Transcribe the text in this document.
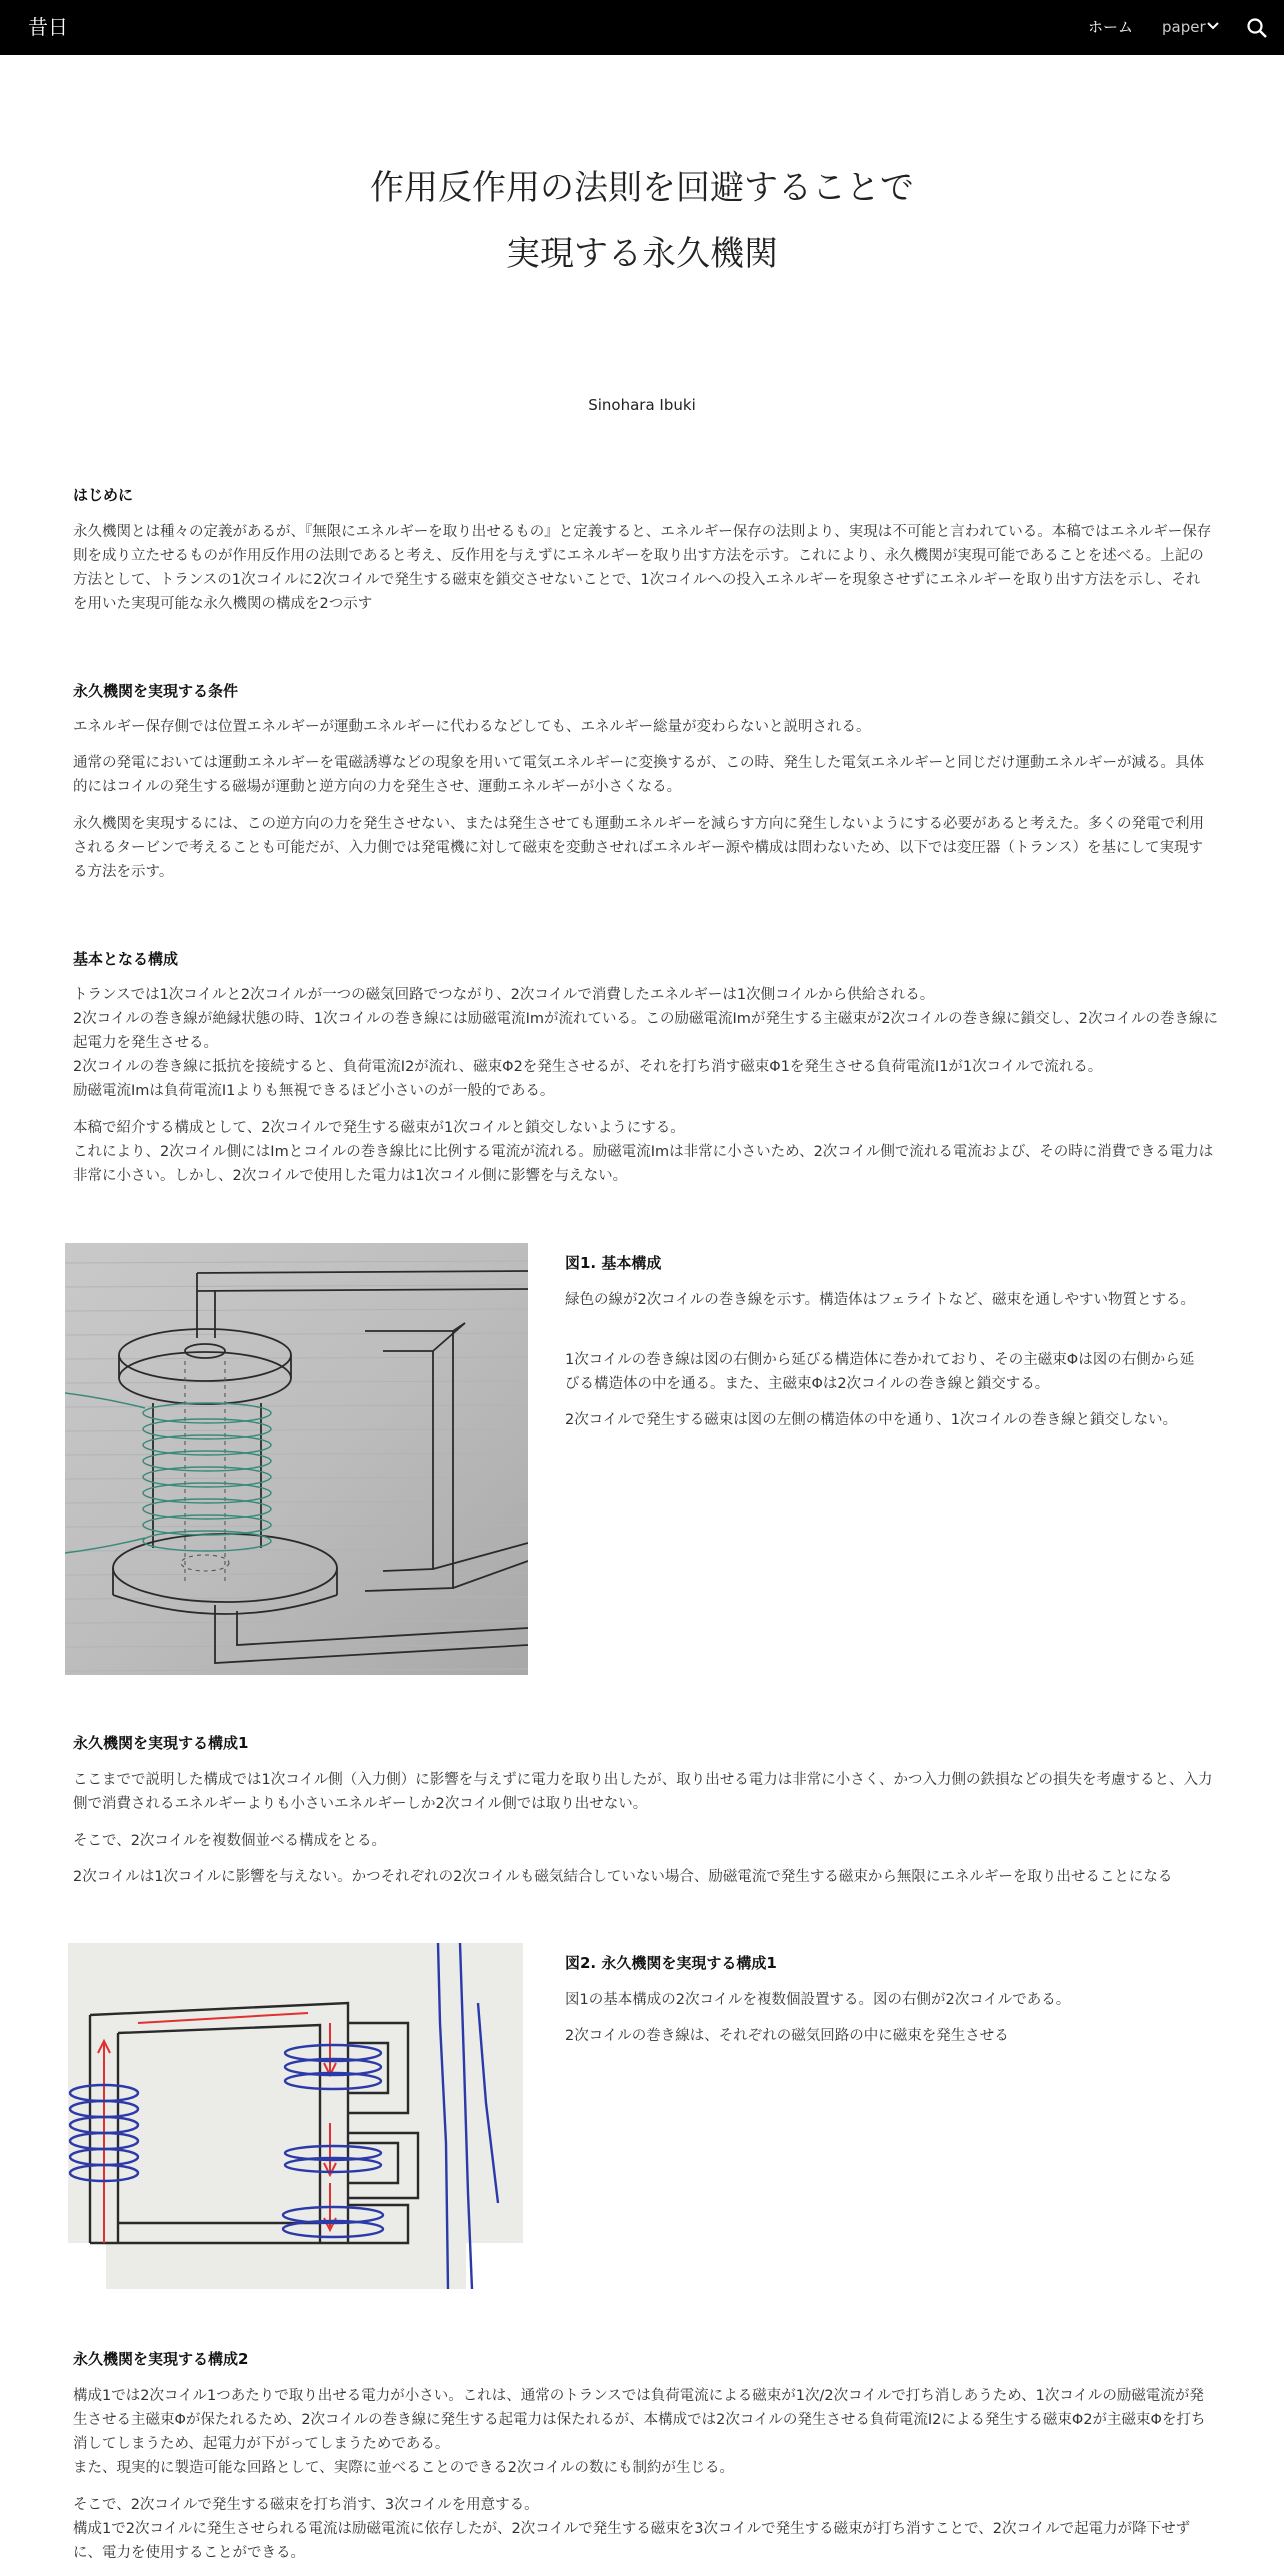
昔日	ホーム paper
作用反作用の法則を回避することで
実現する永久機関
Sinohara Ibuki
はじめに

永久機関とは種々の定義があるが、『無限にエネルギーを取り出せるもの』と定義すると、エネルギー保存の法則より、実現は不可能と言われている。本稿ではエネルギー保存則を成り立たせるものが作用反作用の法則であると考え、反作用を与えずにエネルギーを取り出す方法を示す。これにより、永久機関が実現可能であることを述べる。上記の方法として、トランスの1次コイルに2次コイルで発生する磁束を鎖交させないことで、1次コイルへの投入エネルギーを現象させずにエネルギーを取り出す方法を示し、それを用いた実現可能な永久機関の構成を2つ示す

永久機関を実現する条件

エネルギー保存側では位置エネルギーが運動エネルギーに代わるなどしても、エネルギー総量が変わらないと説明される。

通常の発電においては運動エネルギーを電磁誘導などの現象を用いて電気エネルギーに変換するが、この時、発生した電気エネルギーと同じだけ運動エネルギーが減る。具体的にはコイルの発生する磁場が運動と逆方向の力を発生させ、運動エネルギーが小さくなる。

永久機関を実現するには、この逆方向の力を発生させない、または発生させても運動エネルギーを減らす方向に発生しないようにする必要があると考えた。多くの発電で利用されるタービンで考えることも可能だが、入力側では発電機に対して磁束を変動させればエネルギー源や構成は問わないため、以下では変圧器（トランス）を基にして実現する方法を示す。

基本となる構成

トランスでは1次コイルと2次コイルが一つの磁気回路でつながり、2次コイルで消費したエネルギーは1次側コイルから供給される。

2次コイルの巻き線が絶縁状態の時、1次コイルの巻き線には励磁電流Imが流れている。この励磁電流Imが発生する主磁束が2次コイルの巻き線に鎖交し、2次コイルの巻き線に起電力を発生させる。

2次コイルの巻き線に抵抗を接続すると、負荷電流I2が流れ、磁束Φ2を発生させるが、それを打ち消す磁束Φ1を発生させる負荷電流I1が1次コイルで流れる。

励磁電流Imは負荷電流I1よりも無視できるほど小さいのが一般的である。

本稿で紹介する構成として、2次コイルで発生する磁束が1次コイルと鎖交しないようにする。

これにより、2次コイル側にはImとコイルの巻き線比に比例する電流が流れる。励磁電流Imは非常に小さいため、2次コイル側で流れる電流および、その時に消費できる電力は非常に小さい。しかし、2次コイルで使用した電力は1次コイル側に影響を与えない。

図1. 基本構成

緑色の線が2次コイルの巻き線を示す。構造体はフェライトなど、磁束を通しやすい物質とする。

1次コイルの巻き線は図の右側から延びる構造体に巻かれており、その主磁束Φは図の右側から延びる構造体の中を通る。また、主磁束Φは2次コイルの巻き線と鎖交する。

2次コイルで発生する磁束は図の左側の構造体の中を通り、1次コイルの巻き線と鎖交しない。

永久機関を実現する構成1

ここまでで説明した構成では1次コイル側（入力側）に影響を与えずに電力を取り出したが、取り出せる電力は非常に小さく、かつ入力側の鉄損などの損失を考慮すると、入力側で消費されるエネルギーよりも小さいエネルギーしか2次コイル側では取り出せない。

そこで、2次コイルを複数個並べる構成をとる。

2次コイルは1次コイルに影響を与えない。かつそれぞれの2次コイルも磁気結合していない場合、励磁電流で発生する磁束から無限にエネルギーを取り出せることになる

図2. 永久機関を実現する構成1

図1の基本構成の2次コイルを複数個設置する。図の右側が2次コイルである。

2次コイルの巻き線は、それぞれの磁気回路の中に磁束を発生させる

永久機関を実現する構成2

構成1では2次コイル1つあたりで取り出せる電力が小さい。これは、通常のトランスでは負荷電流による磁束が1次/2次コイルで打ち消しあうため、1次コイルの励磁電流が発生させる主磁束Φが保たれるため、2次コイルの巻き線に発生する起電力は保たれるが、本構成では2次コイルの発生させる負荷電流I2による発生する磁束Φ2が主磁束Φを打ち消してしまうため、起電力が下がってしまうためである。

また、現実的に製造可能な回路として、実際に並べることのできる2次コイルの数にも制約が生じる。

そこで、2次コイルで発生する磁束を打ち消す、3次コイルを用意する。

構成1で2次コイルに発生させられる電流は励磁電流に依存したが、2次コイルで発生する磁束を3次コイルで発生する磁束が打ち消すことで、2次コイルで起電力が降下せずに、電力を使用することができる。
